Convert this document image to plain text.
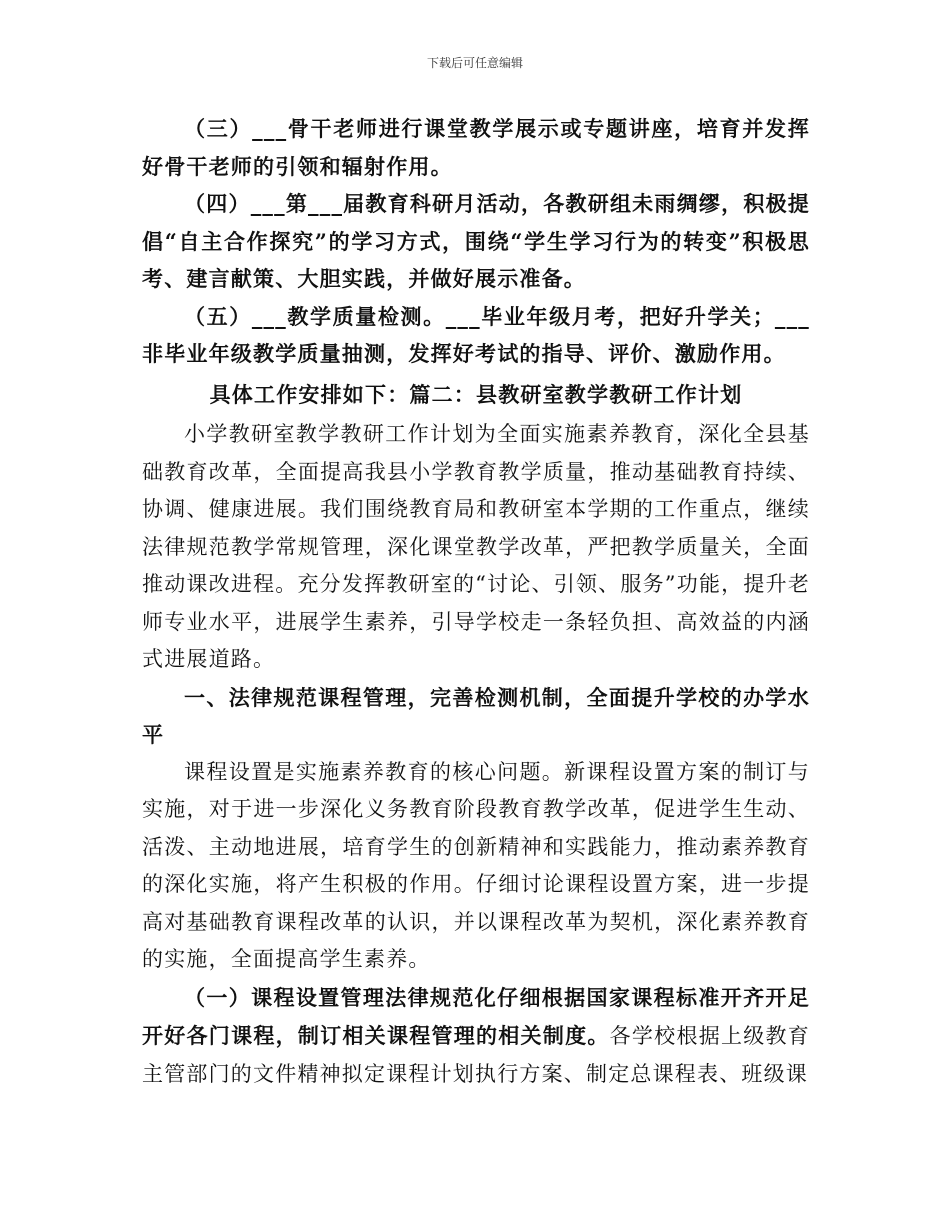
下载后可任意编辑

（三）___骨干老师进行课堂教学展示或专题讲座，培育并发挥好骨干老师的引领和辐射作用。

（四）___第___届教育科研月活动，各教研组未雨绸缪，积极提倡“自主合作探究”的学习方式，围绕“学生学习行为的转变”积极思考、建言献策、大胆实践，并做好展示准备。

（五）___教学质量检测。___毕业年级月考，把好升学关；___非毕业年级教学质量抽测，发挥好考试的指导、评价、激励作用。

具体工作安排如下：篇二：县教研室教学教研工作计划

小学教研室教学教研工作计划为全面实施素养教育，深化全县基础教育改革，全面提高我县小学教育教学质量，推动基础教育持续、协调、健康进展。我们围绕教育局和教研室本学期的工作重点，继续法律规范教学常规管理，深化课堂教学改革，严把教学质量关，全面推动课改进程。充分发挥教研室的“讨论、引领、服务”功能，提升老师专业水平，进展学生素养，引导学校走一条轻负担、高效益的内涵式进展道路。

一、法律规范课程管理，完善检测机制，全面提升学校的办学水平

课程设置是实施素养教育的核心问题。新课程设置方案的制订与实施，对于进一步深化义务教育阶段教育教学改革，促进学生生动、活泼、主动地进展，培育学生的创新精神和实践能力，推动素养教育的深化实施，将产生积极的作用。仔细讨论课程设置方案，进一步提高对基础教育课程改革的认识，并以课程改革为契机，深化素养教育的实施，全面提高学生素养。

（一）课程设置管理法律规范化仔细根据国家课程标准开齐开足开好各门课程，制订相关课程管理的相关制度。各学校根据上级教育主管部门的文件精神拟定课程计划执行方案、制定总课程表、班级课
